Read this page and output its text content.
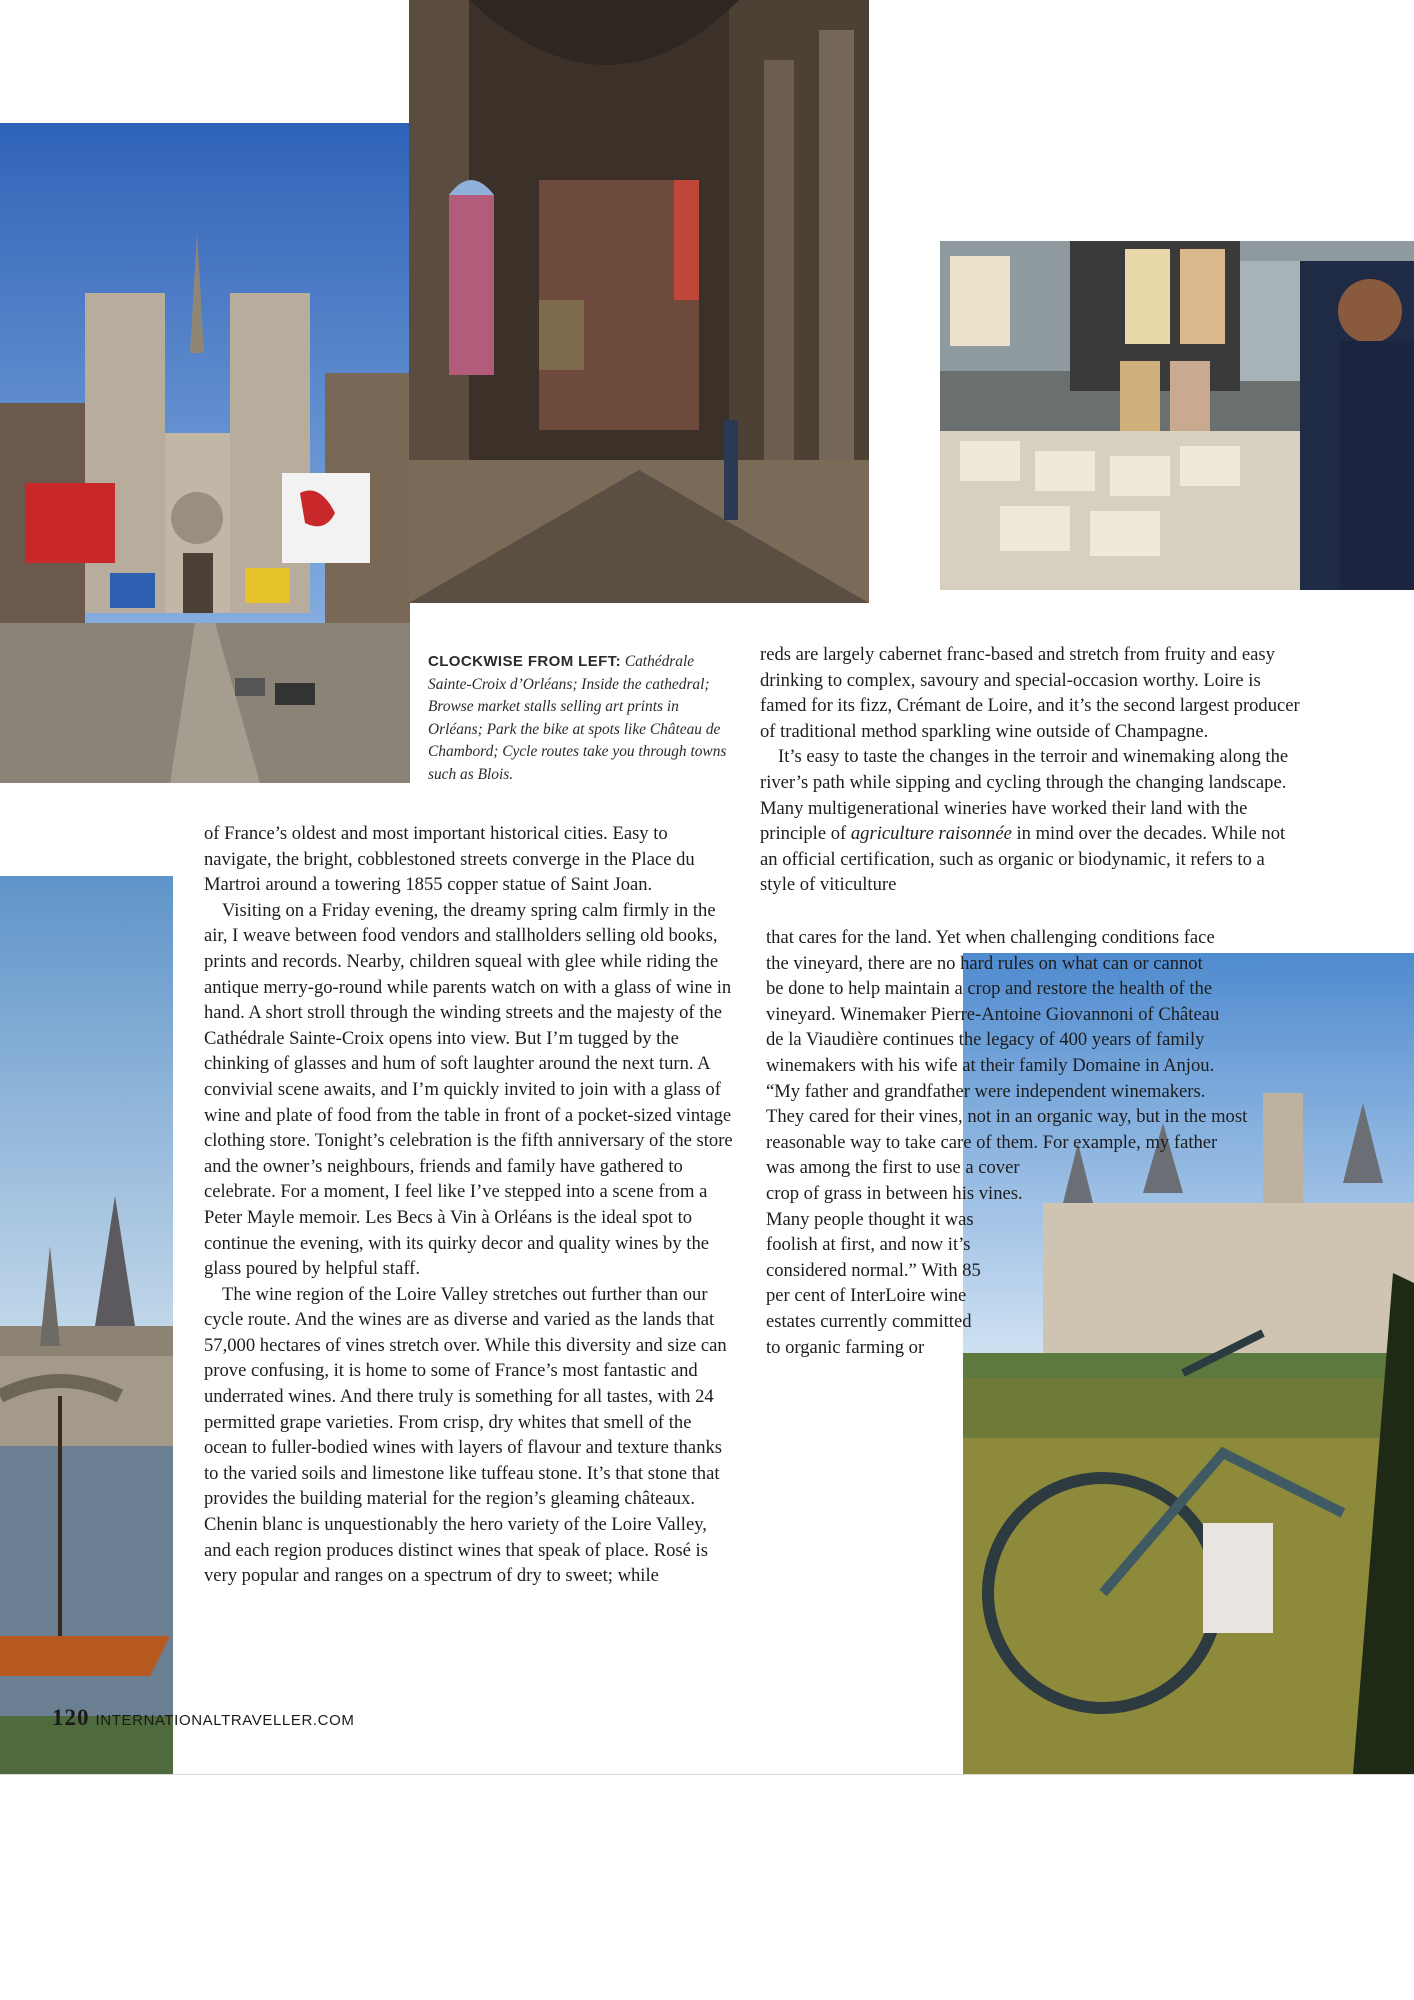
CLOCKWISE FROM LEFT: Cathédrale Sainte-Croix d’Orléans; Inside the cathedral; Browse market stalls selling art prints in Orléans; Park the bike at spots like Château de Chambord; Cycle routes take you through towns such as Blois.

of France’s oldest and most important historical cities. Easy to navigate, the bright, cobblestoned streets converge in the Place du Martroi around a towering 1855 copper statue of Saint Joan.

Visiting on a Friday evening, the dreamy spring calm firmly in the air, I weave between food vendors and stallholders selling old books, prints and records. Nearby, children squeal with glee while riding the antique merry-go-round while parents watch on with a glass of wine in hand. A short stroll through the winding streets and the majesty of the Cathédrale Sainte-Croix opens into view. But I’m tugged by the chinking of glasses and hum of soft laughter around the next turn. A convivial scene awaits, and I’m quickly invited to join with a glass of wine and plate of food from the table in front of a pocket-sized vintage clothing store. Tonight’s celebration is the fifth anniversary of the store and the owner’s neighbours, friends and family have gathered to celebrate. For a moment, I feel like I’ve stepped into a scene from a Peter Mayle memoir. Les Becs à Vin à Orléans is the ideal spot to continue the evening, with its quirky decor and quality wines by the glass poured by helpful staff.

The wine region of the Loire Valley stretches out further than our cycle route. And the wines are as diverse and varied as the lands that 57,000 hectares of vines stretch over. While this diversity and size can prove confusing, it is home to some of France’s most fantastic and underrated wines. And there truly is something for all tastes, with 24 permitted grape varieties. From crisp, dry whites that smell of the ocean to fuller-bodied wines with layers of flavour and texture thanks to the varied soils and limestone like tuffeau stone. It’s that stone that provides the building material for the region’s gleaming châteaux. Chenin blanc is unquestionably the hero variety of the Loire Valley, and each region produces distinct wines that speak of place. Rosé is very popular and ranges on a spectrum of dry to sweet; while

reds are largely cabernet franc-based and stretch from fruity and easy drinking to complex, savoury and special-occasion worthy. Loire is famed for its fizz, Crémant de Loire, and it’s the second largest producer of traditional method sparkling wine outside of Champagne.

It’s easy to taste the changes in the terroir and winemaking along the river’s path while sipping and cycling through the changing landscape. Many multigenerational wineries have worked their land with the principle of agriculture raisonnée in mind over the decades. While not an official certification, such as organic or biodynamic, it refers to a style of viticulture

that cares for the land. Yet when challenging conditions face
the vineyard, there are no hard rules on what can or cannot
be done to help maintain a crop and restore the health of the
vineyard. Winemaker Pierre-Antoine Giovannoni of Château
de la Viaudière continues the legacy of 400 years of family
winemakers with his wife at their family Domaine in Anjou.
“My father and grandfather were independent winemakers.
They cared for their vines, not in an organic way, but in the most
reasonable way to take care of them. For example, my father
was among the first to use a cover
crop of grass in between his vines.
Many people thought it was
foolish at first, and now it’s
considered normal.” With 85
per cent of InterLoire wine
estates currently committed
to organic farming or
120 INTERNATIONALTRAVELLER.COM
